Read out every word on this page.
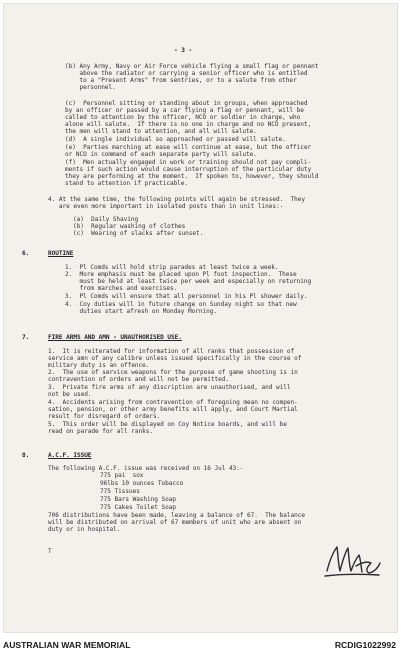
- 3 -
(b) Any Army, Navy or Air Force vehicle flying a small flag or pennant
above the radiator or carrying a senior officer who is entitled
to a "Present Arms" from sentries, or to a salute from other
personnel.
(c)  Personnel sitting or standing about in groups, when approached
by an officer or passed by a car flying a flag or pennant, will be
called to attention by the officer, NCO or soldier in charge, who
alone will salute.  If there is no one in charge and no NCO present,
the men will stand to attention, and all will salute.
(d)  A single individual so approached or passed will salute.
(e)  Parties marching at ease will continue at ease, but the officer
or NCO in command of each separate party will salute.
(f)  Men actually engaged in work or training should not pay compli-
ments if such action would cause interruption of the particular duty
they are performing at the moment.  If spoken to, however, they should
stand to attention if practicable.
4. At the same time, the following points will again be stressed.  They
are even more important in isolated posts than in unit lines:-
(a)  Daily Shaving
(b)  Regular washing of clothes
(c)  Wearing of slacks after sunset.
6.	ROUTINE
1.  Pl Comds will hold strip parades at least twice a week.
2.  More emphasis must be placed upon Pl foot inspection.  These
must be held at least twice per week and especially on returning
from marches and exercises.
3.  Pl Comds will ensure that all personnel in his Pl shower daily.
4.  Coy duties will in future change on Sunday night so that new
duties start afresh on Monday Morning.
7.	FIRE ARMS AND AMN - UNAUTHORISED USE.
1.  It is reiterated for information of all ranks that possession of
service amn of any calibre unless issued specifically in the course of
military duty is an offence.
2.  The use of service weapons for the purpose of game shooting is in
contravention of orders and will not be permitted.
3.  Private fire arms of any discription are unauthorised, and will
not be used.
4.  Accidents arising from contravention of foregoing mean no compen-
sation, pension, or other army benefits will apply, and Court Martial
result for disregard of orders.
5.  This order will be displayed on Coy Notice boards, and will be
read on parade for all ranks.
8.	A.C.F. ISSUE
The following A.C.F. issue was received on 16 Jul 43:-
775 pai  sox
96lbs 10 ounces Tobacco
775 Tissues
775 Bars Washing Soap
775 Cakes Toilet Soap
706 distributions have been made, leaving a balance of 67.  The balance
will be distributed on arrival of 67 members of unit who are absent on
duty or in hospital.
T
AUSTRALIAN WAR MEMORIAL	RCDIG1022992
